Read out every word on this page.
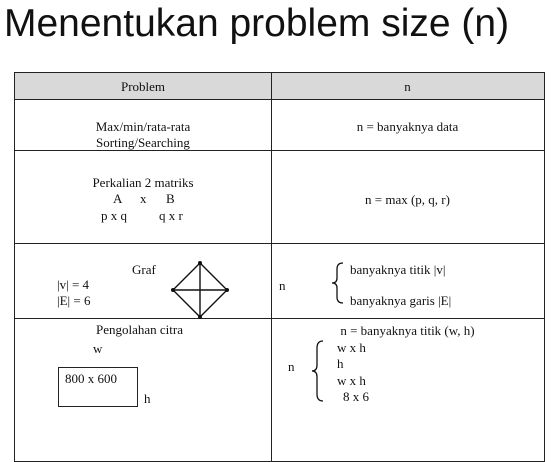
Menentukan problem size (n)
Problem	n
Max/min/rata-rata
Sorting/Searching
n = banyaknya data
Perkalian 2 matriks
A x B
p x q q x r
n = max (p, q, r)
Graf
|v| = 4
|E| = 6
n
banyaknya titik |v|
banyaknya garis |E|
Pengolahan citra
w
800 x 600
h
n = banyaknya titik (w, h)
n
w x h
h
w x h
8 x 6
